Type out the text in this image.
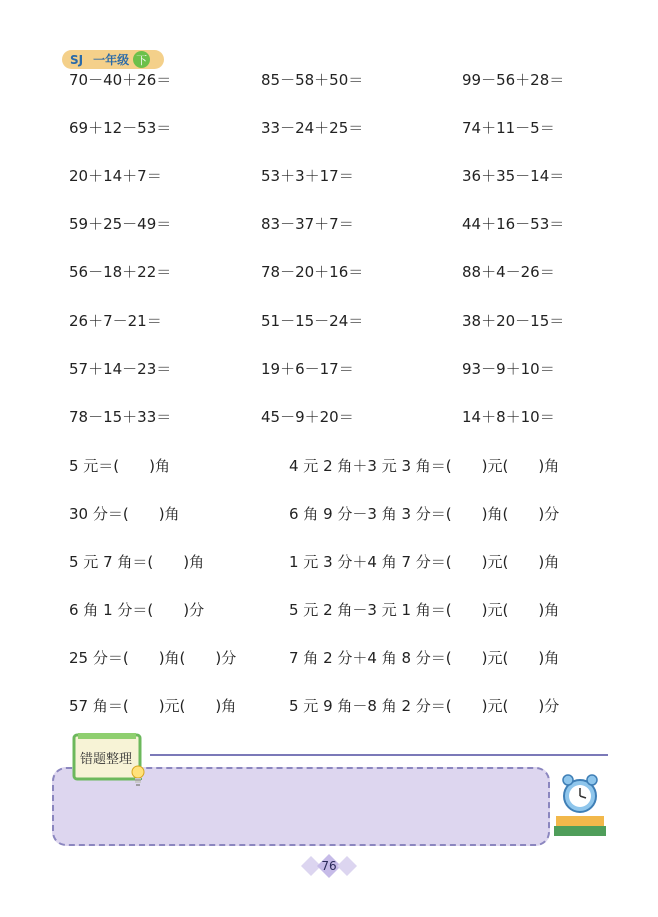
SJ 一年级 下
70－40＋26＝	85－58＋50＝	99－56＋28＝
69＋12－53＝	33－24＋25＝	74＋11－5＝
20＋14＋7＝	53＋3＋17＝	36＋35－14＝
59＋25－49＝	83－37＋7＝	44＋16－53＝
56－18＋22＝	78－20＋16＝	88＋4－26＝
26＋7－21＝	51－15－24＝	38＋20－15＝
57＋14－23＝	19＋6－17＝	93－9＋10＝
78－15＋33＝	45－9＋20＝	14＋8＋10＝
5 元＝(　　)角	4 元 2 角＋3 元 3 角＝(　　)元(　　)角
30 分＝(　　)角	6 角 9 分－3 角 3 分＝(　　)角(　　)分
5 元 7 角＝(　　)角	1 元 3 分＋4 角 7 分＝(　　)元(　　)角
6 角 1 分＝(　　)分	5 元 2 角－3 元 1 角＝(　　)元(　　)角
25 分＝(　　)角(　　)分	7 角 2 分＋4 角 8 分＝(　　)元(　　)角
57 角＝(　　)元(　　)角	5 元 9 角－8 角 2 分＝(　　)元(　　)分
错题整理
76
